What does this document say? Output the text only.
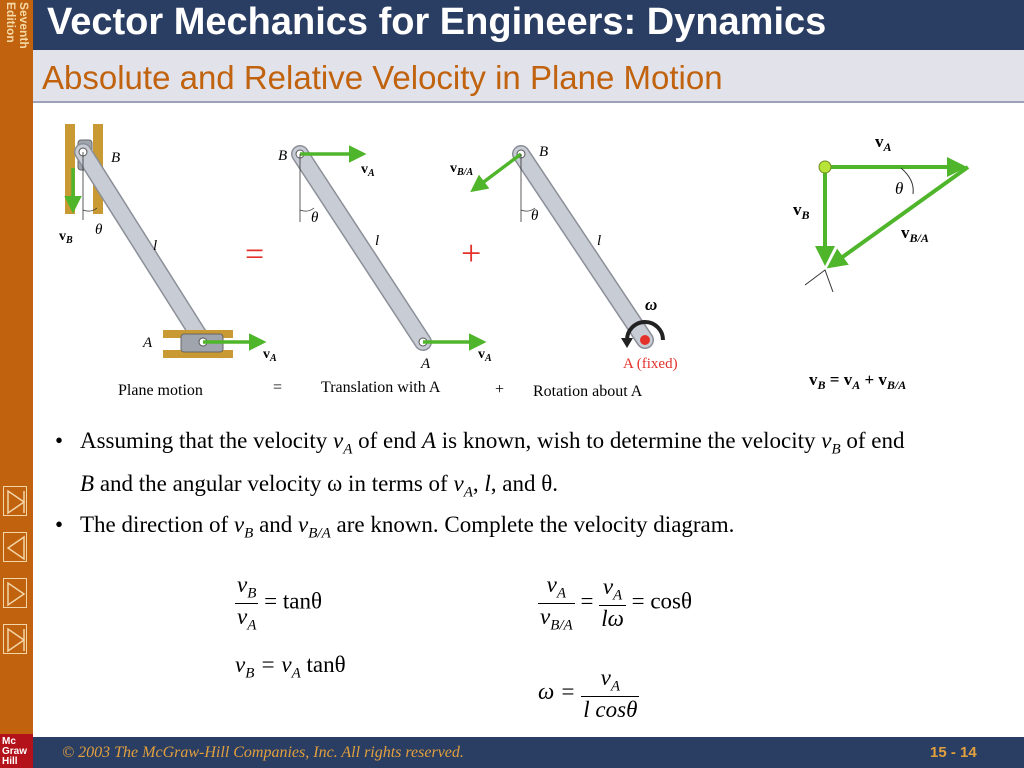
Seventh
Edition
Mc
Graw
Hill
Vector Mechanics for Engineers: Dynamics
Absolute and Relative Velocity in Plane Motion
B
θ
l
A
$v_B$
$v_A$
=
B
θ
l
A
$v_A$
$v_A$
+
B
θ
l
ω
A (fixed)
$v_{B/A}$
Plane motion	= Translation with A	+ Rotation about A
$v_A$
$v_B$
$v_{B/A}$
θ
$v_B = v_A + v_{B/A}$
• Assuming that the velocity $v_A$ of end A is known, wish to determine the velocity $v_B$ of end B and the angular velocity ω in terms of $v_A$, l, and θ.
• The direction of $v_B$ and $v_{B/A}$ are known. Complete the velocity diagram.
$\frac{v_B}{v_A} = \tan\theta$
$v_B = v_A$ tanθ
$\frac{v_A}{v_{B/A}} = \frac{v_A}{l\omega} = \cos\theta$
$\omega = \frac{v_A}{\text{l cosθ}}$
© 2003 The McGraw-Hill Companies, Inc. All rights reserved.	15 - 14
